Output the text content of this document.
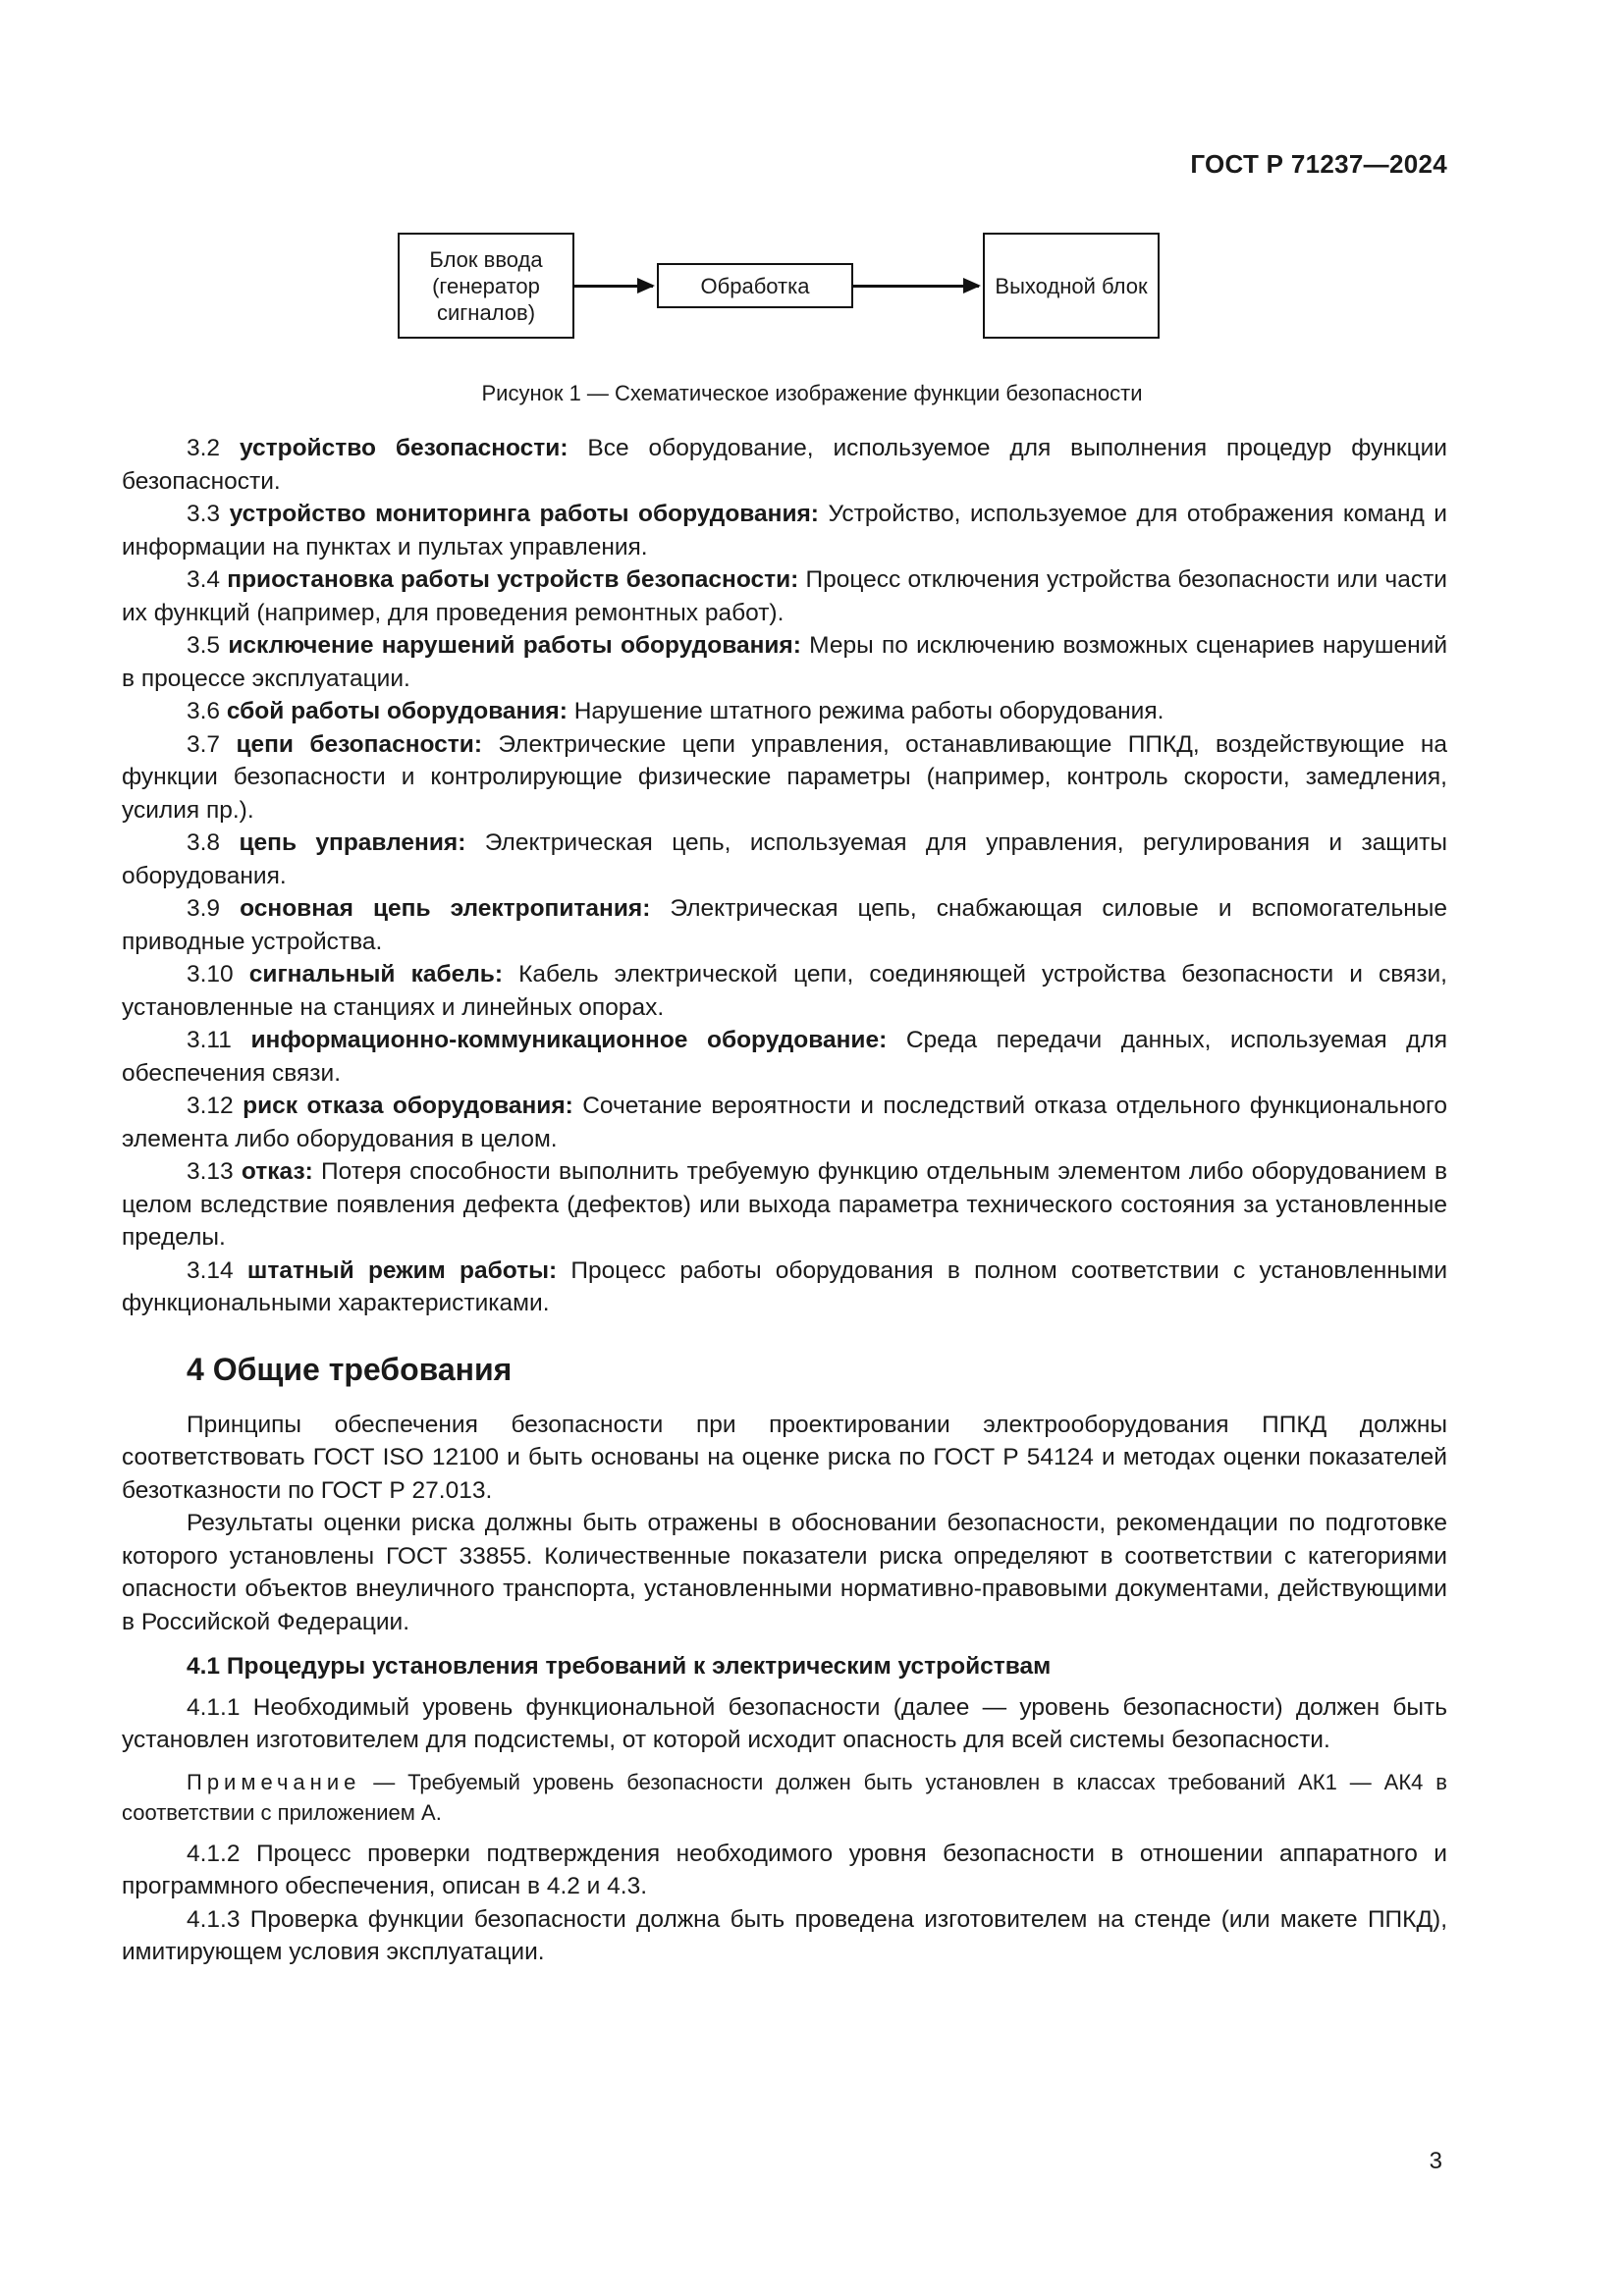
ГОСТ Р 71237—2024
Блок ввода (генератор сигналов)
Обработка	Выходной блок
Рисунок 1 — Схематическое изображение функции безопасности

3.2 устройство безопасности: Все оборудование, используемое для выполнения процедур функции безопасности.

3.3 устройство мониторинга работы оборудования: Устройство, используемое для отображения команд и информации на пунктах и пультах управления.

3.4 приостановка работы устройств безопасности: Процесс отключения устройства безопасности или части их функций (например, для проведения ремонтных работ).

3.5 исключение нарушений работы оборудования: Меры по исключению возможных сценариев нарушений в процессе эксплуатации.

3.6 сбой работы оборудования: Нарушение штатного режима работы оборудования.

3.7 цепи безопасности: Электрические цепи управления, останавливающие ППКД, воздействующие на функции безопасности и контролирующие физические параметры (например, контроль скорости, замедления, усилия пр.).

3.8 цепь управления: Электрическая цепь, используемая для управления, регулирования и защиты оборудования.

3.9 основная цепь электропитания: Электрическая цепь, снабжающая силовые и вспомогательные приводные устройства.

3.10 сигнальный кабель: Кабель электрической цепи, соединяющей устройства безопасности и связи, установленные на станциях и линейных опорах.

3.11 информационно-коммуникационное оборудование: Среда передачи данных, используемая для обеспечения связи.

3.12 риск отказа оборудования: Сочетание вероятности и последствий отказа отдельного функционального элемента либо оборудования в целом.

3.13 отказ: Потеря способности выполнить требуемую функцию отдельным элементом либо оборудованием в целом вследствие появления дефекта (дефектов) или выхода параметра технического состояния за установленные пределы.

3.14 штатный режим работы: Процесс работы оборудования в полном соответствии с установленными функциональными характеристиками.

4 Общие требования

Принципы обеспечения безопасности при проектировании электрооборудования ППКД должны соответствовать ГОСТ ISO 12100 и быть основаны на оценке риска по ГОСТ Р 54124 и методах оценки показателей безотказности по ГОСТ Р 27.013.

Результаты оценки риска должны быть отражены в обосновании безопасности, рекомендации по подготовке которого установлены ГОСТ 33855. Количественные показатели риска определяют в соответствии с категориями опасности объектов внеуличного транспорта, установленными нормативно-правовыми документами, действующими в Российской Федерации.

4.1 Процедуры установления требований к электрическим устройствам

4.1.1 Необходимый уровень функциональной безопасности (далее — уровень безопасности) должен быть установлен изготовителем для подсистемы, от которой исходит опасность для всей системы безопасности.

Примечание — Требуемый уровень безопасности должен быть установлен в классах требований АК1 — АК4 в соответствии с приложением А.

4.1.2 Процесс проверки подтверждения необходимого уровня безопасности в отношении аппаратного и программного обеспечения, описан в 4.2 и 4.3.

4.1.3 Проверка функции безопасности должна быть проведена изготовителем на стенде (или макете ППКД), имитирующем условия эксплуатации.

3
